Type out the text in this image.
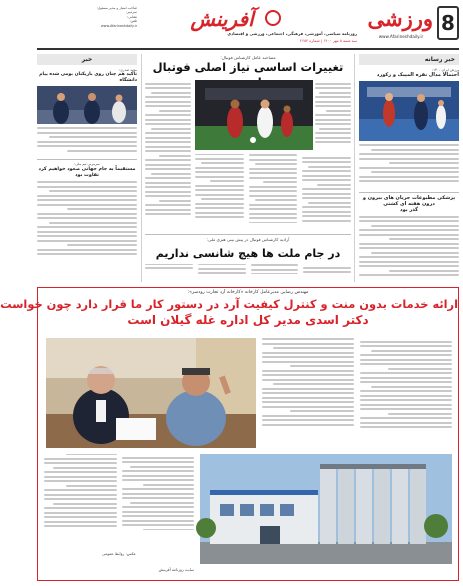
8
ورزشی
www.Afarineshdaily.ir
آفرینش
روزنامه سیاسی، آموزشی، فرهنگی، اجتماعی، ورزشی و اقتصادی
سه شنبه ۸ مهر ۱۴۰۰ | شماره ۲۶۸۴
صاحب امتیاز و مدیر مسئول:
سردبیر:
نشانی:
تلفن:
www.Afarineshdaily.ir
خبر رسانه
ورزش ایران ۱۴۰۰:
احتمالا مدال نقره المپیک و رکورد
پزشکی مطبوعات جریان های بیرون و درون هفته ای کشتی
گذر بود
خبر
مجید صدری:
تاکید هم چنان روی بازیکنان بومی شده پیام دانشگاه
سرمربی تیم ملی:
مستقیماً به جام جهانی صعود خواهیم کرد
تفاوت بود
مصاحبه عامل کارشناس فوتبال:
تغییرات اساسی نیاز اصلی فوتبال
آرادیه کارشناس فوتبال در پیش بینی هنری ملی:
در جام ملت ها هیچ شانسی نداریم
مهندس رضایی مدیرعامل کارخانه «کارخانه آرد تجارت رودسر»:
ارائه خدمات بدون منت و کنترل کیفیت آرد در دستور کار ما قرار دارد چون خواست
دکتر اسدی مدیر کل اداره غله گیلان است
عکس: روابط عمومی
سایت روزنامه آفرینش
